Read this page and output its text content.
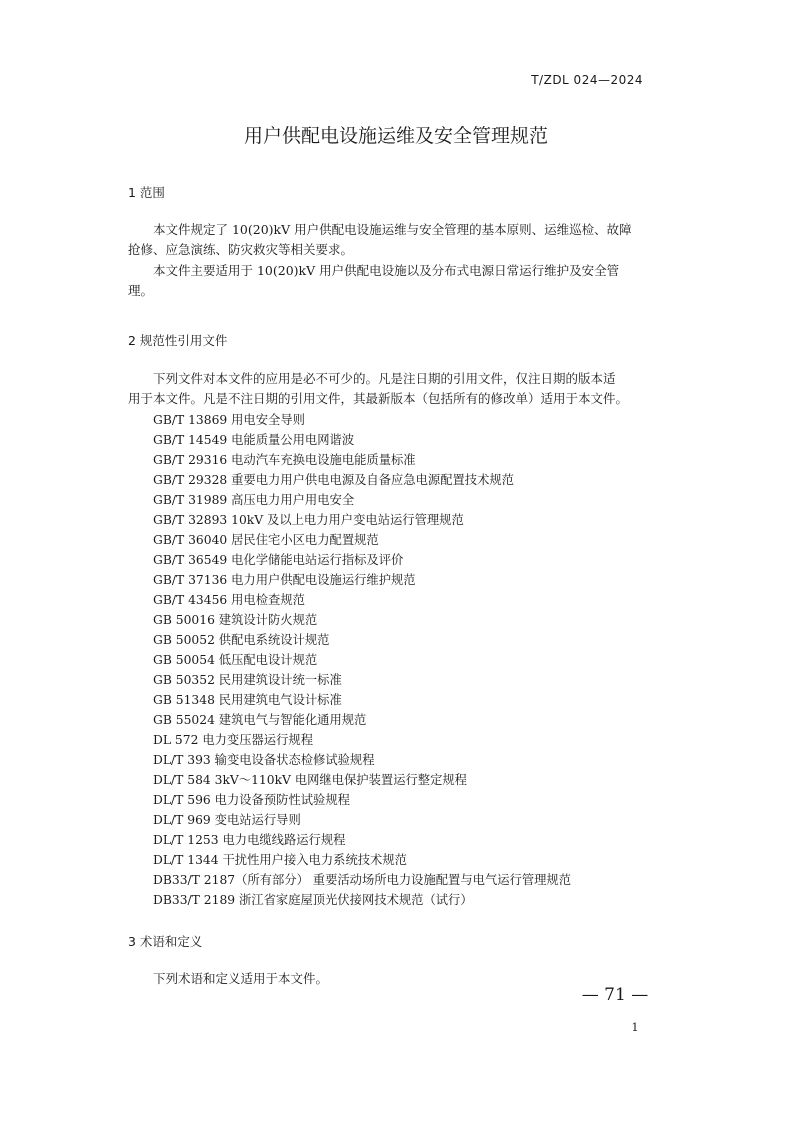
T/ZDL 024—2024
用户供配电设施运维及安全管理规范
1 范围
本文件规定了 10(20)kV 用户供配电设施运维与安全管理的基本原则、运维巡检、故障
抢修、应急演练、防灾救灾等相关要求。
本文件主要适用于 10(20)kV 用户供配电设施以及分布式电源日常运行维护及安全管
理。
2 规范性引用文件
下列文件对本文件的应用是必不可少的。凡是注日期的引用文件，仅注日期的版本适
用于本文件。凡是不注日期的引用文件，其最新版本（包括所有的修改单）适用于本文件。
GB/T 13869 用电安全导则
GB/T 14549 电能质量公用电网谐波
GB/T 29316 电动汽车充换电设施电能质量标准
GB/T 29328 重要电力用户供电电源及自备应急电源配置技术规范
GB/T 31989 高压电力用户用电安全
GB/T 32893 10kV 及以上电力用户变电站运行管理规范
GB/T 36040 居民住宅小区电力配置规范
GB/T 36549 电化学储能电站运行指标及评价
GB/T 37136 电力用户供配电设施运行维护规范
GB/T 43456 用电检查规范
GB 50016 建筑设计防火规范
GB 50052 供配电系统设计规范
GB 50054 低压配电设计规范
GB 50352 民用建筑设计统一标准
GB 51348 民用建筑电气设计标准
GB 55024 建筑电气与智能化通用规范
DL 572 电力变压器运行规程
DL/T 393 输变电设备状态检修试验规程
DL/T 584 3kV～110kV 电网继电保护装置运行整定规程
DL/T 596 电力设备预防性试验规程
DL/T 969 变电站运行导则
DL/T 1253 电力电缆线路运行规程
DL/T 1344 干扰性用户接入电力系统技术规范
DB33/T 2187（所有部分） 重要活动场所电力设施配置与电气运行管理规范
DB33/T 2189 浙江省家庭屋顶光伏接网技术规范（试行）
3 术语和定义
下列术语和定义适用于本文件。
— 71 —
1
